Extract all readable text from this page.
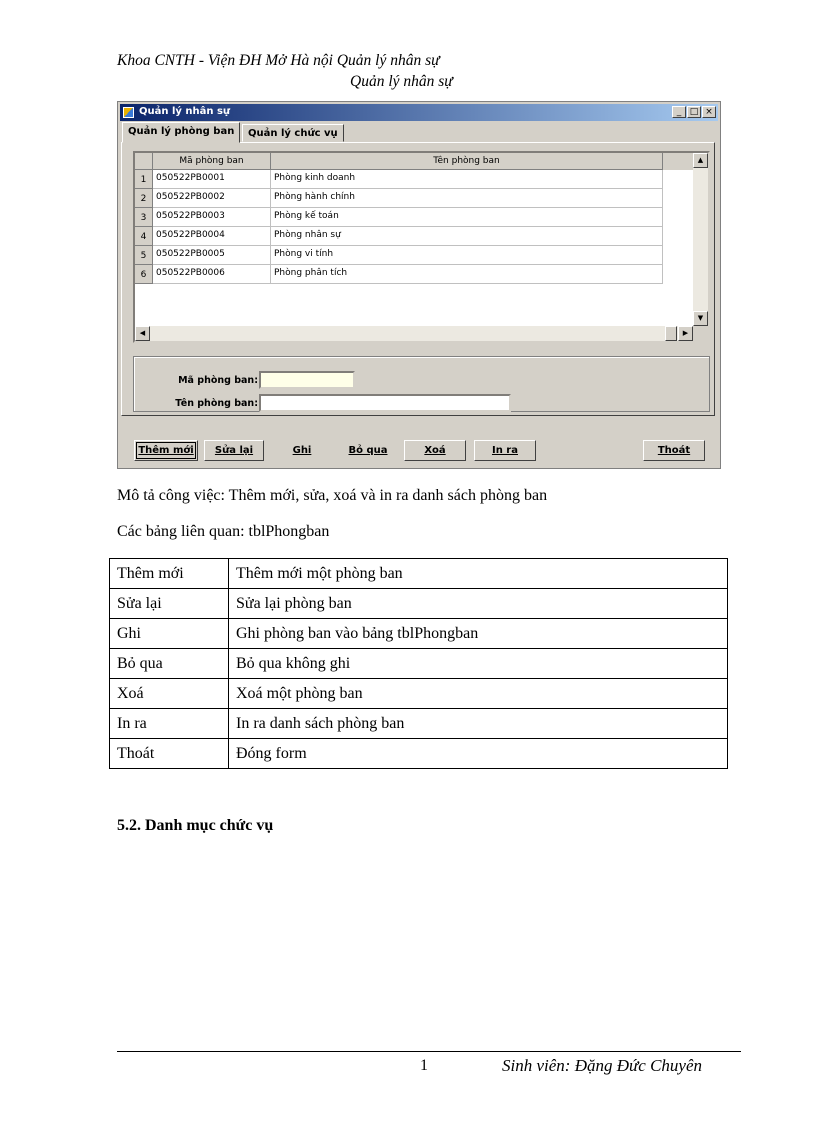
Khoa CNTH - Viện ĐH Mở Hà nội Quản lý nhân sự
Quản lý nhân sự
Quản lý nhân sự	_ □ ×
Quản lý phòng ban	Quản lý chức vụ
Mã phòng ban	Tên phòng ban
1	050522PB0001	Phòng kinh doanh
2	050522PB0002	Phòng hành chính
3	050522PB0003	Phòng kế toán
4	050522PB0004	Phòng nhân sự
5	050522PB0005	Phòng vi tính
6	050522PB0006	Phòng phân tích
▲
▼
◀	▶
Mã phòng ban:
Tên phòng ban:
Thêm mới	Sửa lại	Ghi	Bỏ qua	Xoá	In ra	Thoát
Mô tả công việc: Thêm mới, sửa, xoá và in ra danh sách phòng ban
Các bảng liên quan: tblPhongban
Thêm mới	Thêm mới một phòng ban
Sửa lại	Sửa lại phòng ban
Ghi	Ghi phòng ban vào bảng tblPhongban
Bỏ qua	Bỏ qua không ghi
Xoá	Xoá một phòng ban
In ra	In ra danh sách phòng ban
Thoát	Đóng form
5.2. Danh mục chức vụ
1	Sinh viên: Đặng Đức Chuyên
